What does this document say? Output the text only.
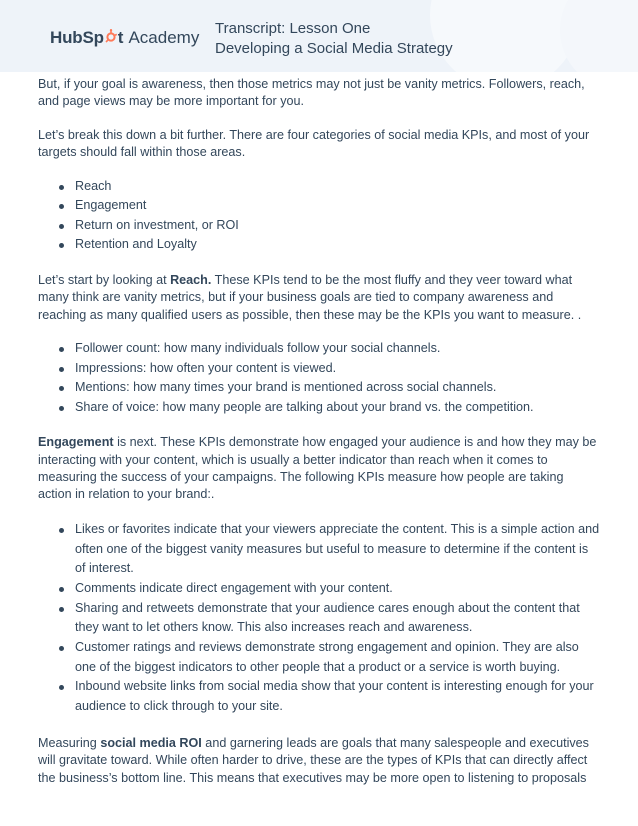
HubSp t Academy Transcript: Lesson One
Developing a Social Media Strategy

But, if your goal is awareness, then those metrics may not just be vanity metrics. Followers, reach, and page views may be more important for you.

Let’s break this down a bit further. There are four categories of social media KPIs, and most of your targets should fall within those areas.

Reach
Engagement
Return on investment, or ROI
Retention and Loyalty

Let’s start by looking at Reach. These KPIs tend to be the most fluffy and they veer toward what many think are vanity metrics, but if your business goals are tied to company awareness and reaching as many qualified users as possible, then these may be the KPIs you want to measure. .

Follower count: how many individuals follow your social channels.
Impressions: how often your content is viewed.
Mentions: how many times your brand is mentioned across social channels.
Share of voice: how many people are talking about your brand vs. the competition.

Engagement is next. These KPIs demonstrate how engaged your audience is and how they may be interacting with your content, which is usually a better indicator than reach when it comes to measuring the success of your campaigns. The following KPIs measure how people are taking action in relation to your brand:.

Likes or favorites indicate that your viewers appreciate the content. This is a simple action and often one of the biggest vanity measures but useful to measure to determine if the content is of interest.
Comments indicate direct engagement with your content.
Sharing and retweets demonstrate that your audience cares enough about the content that they want to let others know. This also increases reach and awareness.
Customer ratings and reviews demonstrate strong engagement and opinion. They are also one of the biggest indicators to other people that a product or a service is worth buying.
Inbound website links from social media show that your content is interesting enough for your audience to click through to your site.

Measuring social media ROI and garnering leads are goals that many salespeople and executives will gravitate toward. While often harder to drive, these are the types of KPIs that can directly affect the business’s bottom line. This means that executives may be more open to listening to proposals
